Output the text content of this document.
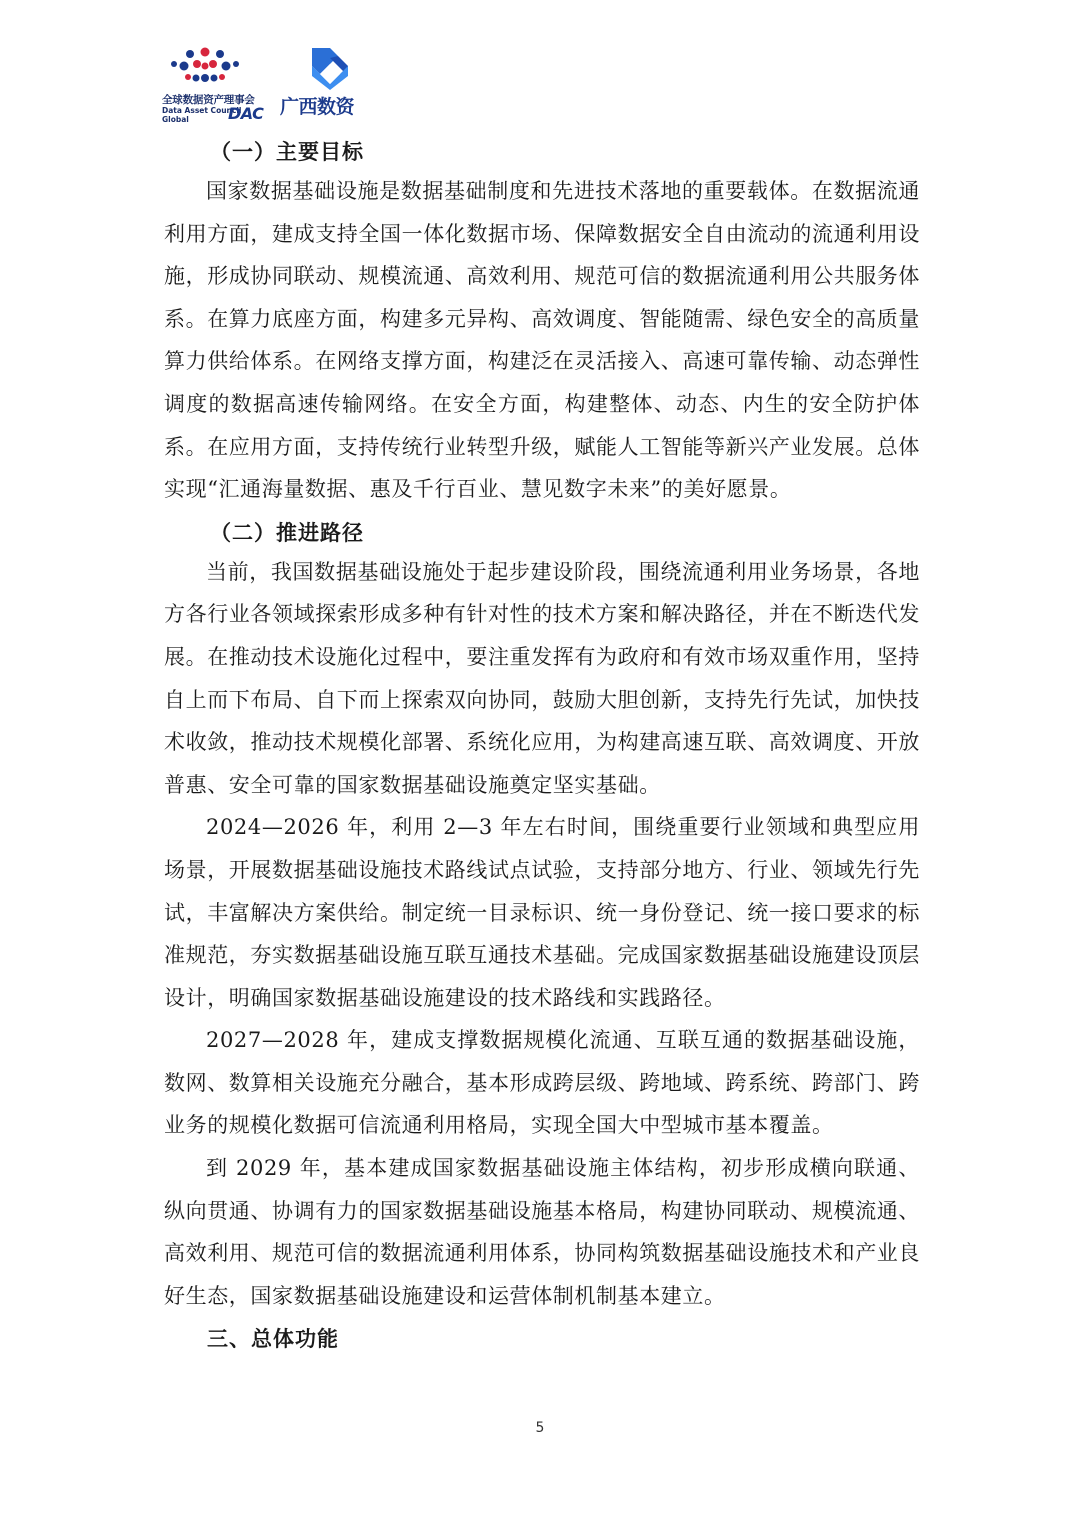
全球数据资产理事会
Data Asset Council
Global DAC 广西数资

（一）主要目标

国家数据基础设施是数据基础制度和先进技术落地的重要载体。在数据流通利用方面，建成支持全国一体化数据市场、保障数据安全自由流动的流通利用设施，形成协同联动、规模流通、高效利用、规范可信的数据流通利用公共服务体系。在算力底座方面，构建多元异构、高效调度、智能随需、绿色安全的高质量算力供给体系。在网络支撑方面，构建泛在灵活接入、高速可靠传输、动态弹性调度的数据高速传输网络。在安全方面，构建整体、动态、内生的安全防护体系。在应用方面，支持传统行业转型升级，赋能人工智能等新兴产业发展。总体实现“汇通海量数据、惠及千行百业、慧见数字未来”的美好愿景。

（二）推进路径

当前，我国数据基础设施处于起步建设阶段，围绕流通利用业务场景，各地方各行业各领域探索形成多种有针对性的技术方案和解决路径，并在不断迭代发展。在推动技术设施化过程中，要注重发挥有为政府和有效市场双重作用，坚持自上而下布局、自下而上探索双向协同，鼓励大胆创新，支持先行先试，加快技术收敛，推动技术规模化部署、系统化应用，为构建高速互联、高效调度、开放普惠、安全可靠的国家数据基础设施奠定坚实基础。

2024—2026 年，利用 2—3 年左右时间，围绕重要行业领域和典型应用场景，开展数据基础设施技术路线试点试验，支持部分地方、行业、领域先行先试，丰富解决方案供给。制定统一目录标识、统一身份登记、统一接口要求的标准规范，夯实数据基础设施互联互通技术基础。完成国家数据基础设施建设顶层设计，明确国家数据基础设施建设的技术路线和实践路径。

2027—2028 年，建成支撑数据规模化流通、互联互通的数据基础设施，数网、数算相关设施充分融合，基本形成跨层级、跨地域、跨系统、跨部门、跨业务的规模化数据可信流通利用格局，实现全国大中型城市基本覆盖。

到 2029 年，基本建成国家数据基础设施主体结构，初步形成横向联通、纵向贯通、协调有力的国家数据基础设施基本格局，构建协同联动、规模流通、高效利用、规范可信的数据流通利用体系，协同构筑数据基础设施技术和产业良好生态，国家数据基础设施建设和运营体制机制基本建立。

三、总体功能

5
